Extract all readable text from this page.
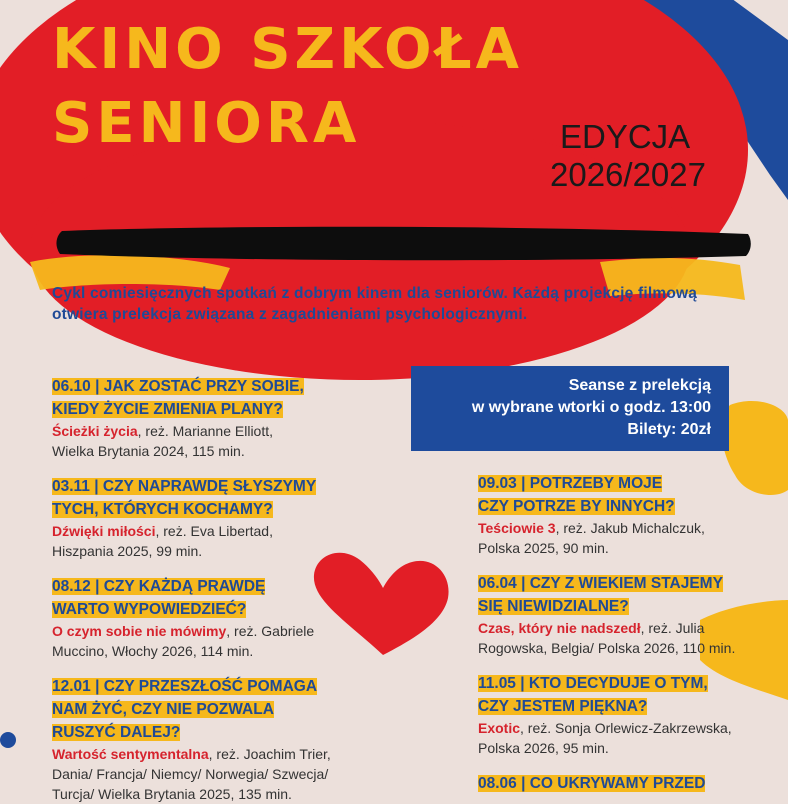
KINO SZKOŁA
SENIORA	EDYCJA
2026/2027
Cykl comiesięcznych spotkań z dobrym kinem dla seniorów. Każdą projekcję filmową otwiera prelekcja związana z zagadnieniami psychologicznymi.
Seanse z prelekcją
w wybrane wtorki o godz. 13:00
Bilety: 20zł
06.10 | JAK ZOSTAĆ PRZY SOBIE,
KIEDY ŻYCIE ZMIENIA PLANY?
Ścieżki życia, reż. Marianne Elliott,
Wielka Brytania 2024, 115 min.
03.11 | CZY NAPRAWDĘ SŁYSZYMY
TYCH, KTÓRYCH KOCHAMY?
Dźwięki miłości, reż. Eva Libertad,
Hiszpania 2025, 99 min.
08.12 | CZY KAŻDĄ PRAWDĘ
WARTO WYPOWIEDZIEĆ?
O czym sobie nie mówimy, reż. Gabriele
Muccino, Włochy 2026, 114 min.
12.01 | CZY PRZESZŁOŚĆ POMAGA
NAM ŻYĆ, CZY NIE POZWALA
RUSZYĆ DALEJ?
Wartość sentymentalna, reż. Joachim Trier,
Dania/ Francja/ Niemcy/ Norwegia/ Szwecja/
Turcja/ Wielka Brytania 2025, 135 min.
09.03 | POTRZEBY MOJE
CZY POTRZE BY INNYCH?
Teściowie 3, reż. Jakub Michalczuk,
Polska 2025, 90 min.
06.04 | CZY Z WIEKIEM STAJEMY
SIĘ NIEWIDZIALNE?
Czas, który nie nadszedł, reż. Julia
Rogowska, Belgia/ Polska 2026, 110 min.
11.05 | KTO DECYDUJE O TYM,
CZY JESTEM PIĘKNA?
Exotic, reż. Sonja Orlewicz-Zakrzewska,
Polska 2026, 95 min.
08.06 | CO UKRYWAMY PRZED
